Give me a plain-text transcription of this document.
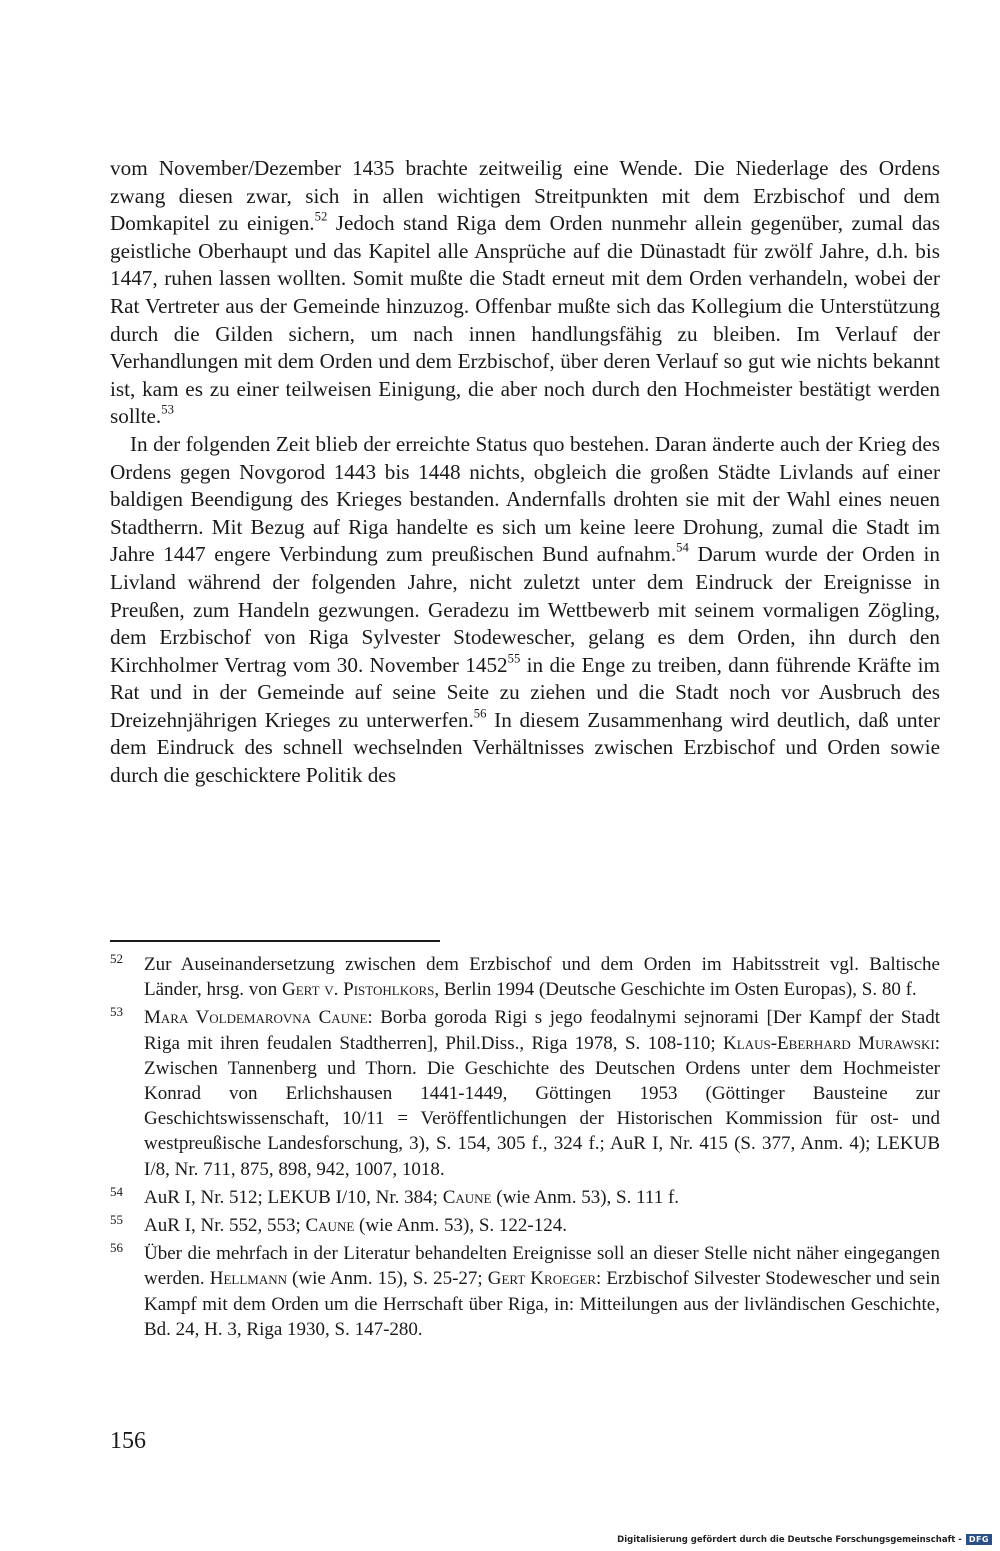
vom November/Dezember 1435 brachte zeitweilig eine Wende. Die Niederlage des Ordens zwang diesen zwar, sich in allen wichtigen Streitpunkten mit dem Erzbischof und dem Domkapitel zu einigen.$^{52}$ Jedoch stand Riga dem Orden nunmehr allein gegenüber, zumal das geistliche Oberhaupt und das Kapitel alle Ansprüche auf die Dünastadt für zwölf Jahre, d.h. bis 1447, ruhen lassen wollten. Somit mußte die Stadt erneut mit dem Orden verhandeln, wobei der Rat Vertreter aus der Gemeinde hinzuzog. Offenbar mußte sich das Kollegium die Unterstützung durch die Gilden sichern, um nach innen handlungsfähig zu bleiben. Im Verlauf der Verhandlungen mit dem Orden und dem Erzbischof, über deren Verlauf so gut wie nichts bekannt ist, kam es zu einer teilweisen Einigung, die aber noch durch den Hochmeister bestätigt werden sollte.$^{53}$

In der folgenden Zeit blieb der erreichte Status quo bestehen. Daran änderte auch der Krieg des Ordens gegen Novgorod 1443 bis 1448 nichts, obgleich die großen Städte Livlands auf einer baldigen Beendigung des Krieges bestanden. Andernfalls drohten sie mit der Wahl eines neuen Stadtherrn. Mit Bezug auf Riga handelte es sich um keine leere Drohung, zumal die Stadt im Jahre 1447 engere Verbindung zum preußischen Bund aufnahm.$^{54}$ Darum wurde der Orden in Livland während der folgenden Jahre, nicht zuletzt unter dem Eindruck der Ereignisse in Preußen, zum Handeln gezwungen. Geradezu im Wettbewerb mit seinem vormaligen Zögling, dem Erzbischof von Riga Sylvester Stodewescher, gelang es dem Orden, ihn durch den Kirchholmer Vertrag vom 30. November 1452$^{55}$ in die Enge zu treiben, dann führende Kräfte im Rat und in der Gemeinde auf seine Seite zu ziehen und die Stadt noch vor Ausbruch des Dreizehnjährigen Krieges zu unterwerfen.$^{56}$ In diesem Zusammenhang wird deutlich, daß unter dem Eindruck des schnell wechselnden Verhältnisses zwischen Erzbischof und Orden sowie durch die geschicktere Politik des

52 Zur Auseinandersetzung zwischen dem Erzbischof und dem Orden im Habitsstreit vgl. Baltische Länder, hrsg. von Gert v. Pistohlkors, Berlin 1994 (Deutsche Geschichte im Osten Europas), S. 80 f.
53 Mara Voldemarovna Caune: Borba goroda Rigi s jego feodalnymi sejnorami [Der Kampf der Stadt Riga mit ihren feudalen Stadtherren], Phil.Diss., Riga 1978, S. 108-110; Klaus-Eberhard Murawski: Zwischen Tannenberg und Thorn. Die Geschichte des Deutschen Ordens unter dem Hochmeister Konrad von Erlichshausen 1441-1449, Göttingen 1953 (Göttinger Bausteine zur Geschichtswissenschaft, 10/11 = Veröffentlichungen der Historischen Kommission für ost- und westpreußische Landesforschung, 3), S. 154, 305 f., 324 f.; AuR I, Nr. 415 (S. 377, Anm. 4); LEKUB I/8, Nr. 711, 875, 898, 942, 1007, 1018.
54 AuR I, Nr. 512; LEKUB I/10, Nr. 384; Caune (wie Anm. 53), S. 111 f.
55 AuR I, Nr. 552, 553; Caune (wie Anm. 53), S. 122-124.
56 Über die mehrfach in der Literatur behandelten Ereignisse soll an dieser Stelle nicht näher eingegangen werden. Hellmann (wie Anm. 15), S. 25-27; Gert Kroeger: Erzbischof Silvester Stodewescher und sein Kampf mit dem Orden um die Herrschaft über Riga, in: Mitteilungen aus der livländischen Geschichte, Bd. 24, H. 3, Riga 1930, S. 147-280.
156
Digitalisierung gefördert durch die Deutsche Forschungsgemeinschaft - DFG
